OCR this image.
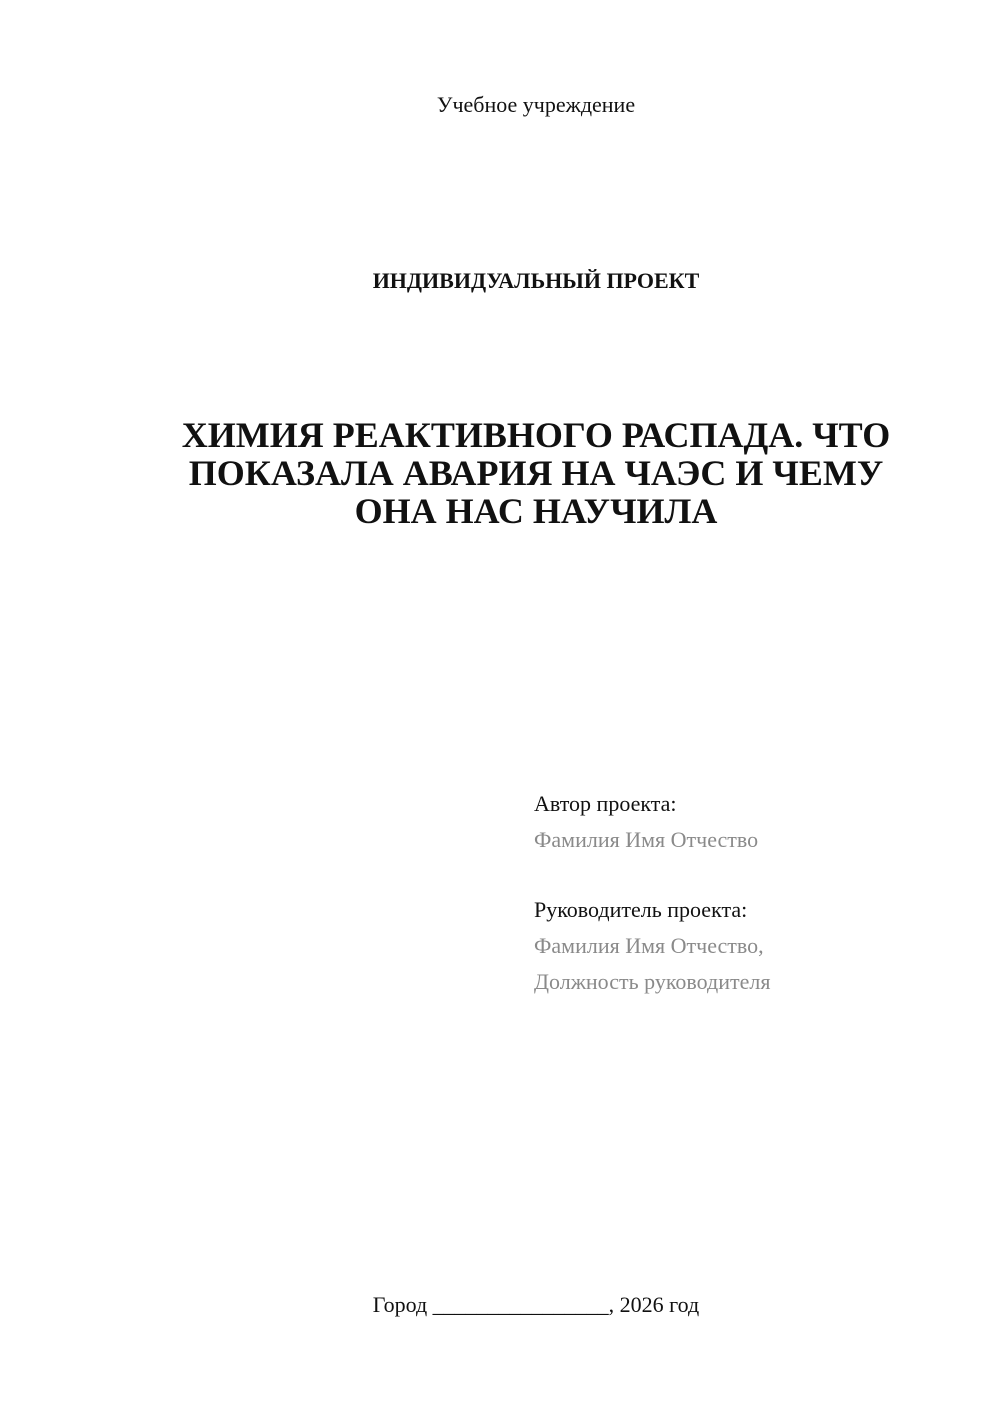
Учебное учреждение
ИНДИВИДУАЛЬНЫЙ ПРОЕКТ
ХИМИЯ РЕАКТИВНОГО РАСПАДА. ЧТО
ПОКАЗАЛА АВАРИЯ НА ЧАЭС И ЧЕМУ
ОНА НАС НАУЧИЛА
Автор проекта:
Фамилия Имя Отчество
Руководитель проекта:
Фамилия Имя Отчество,
Должность руководителя
Город ________________, 2026 год
